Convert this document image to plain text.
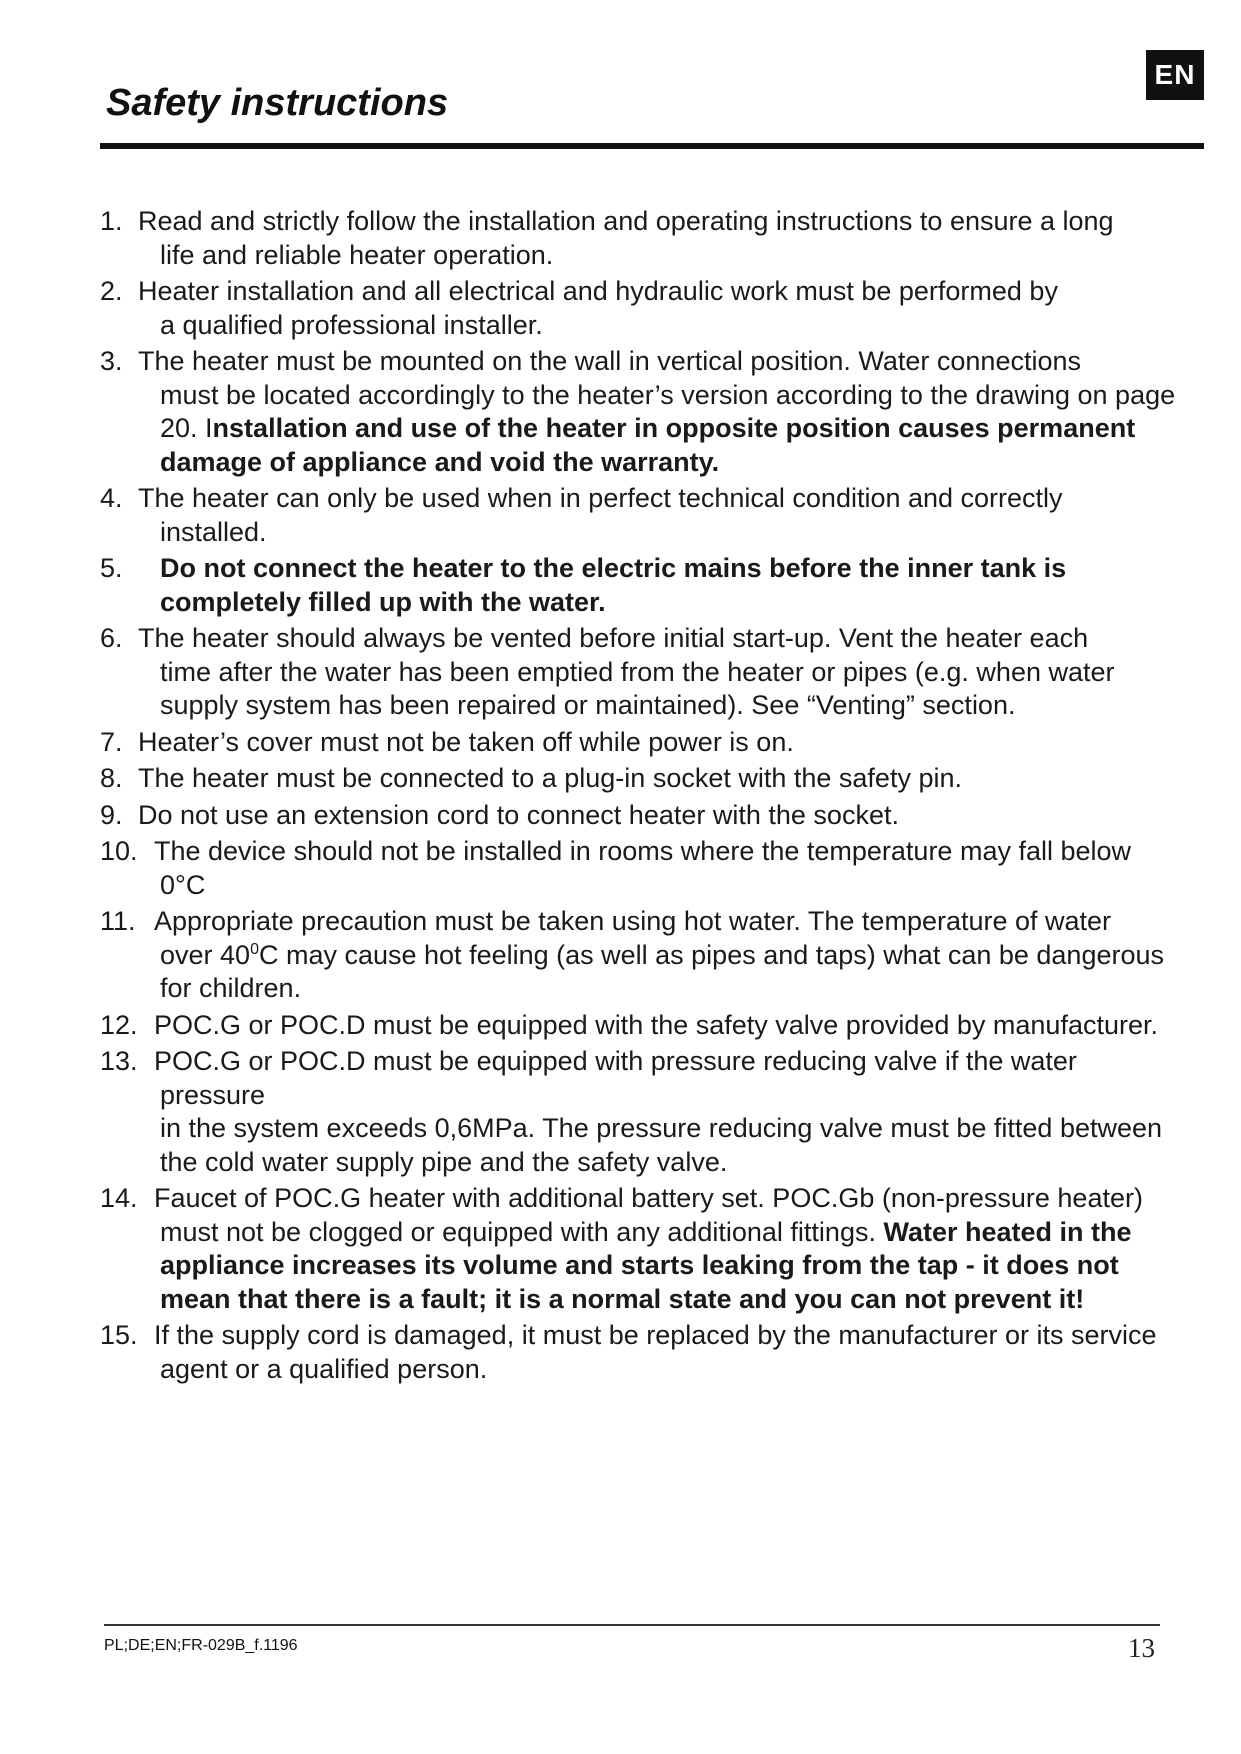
EN
Safety instructions
1. Read and strictly follow the installation and operating instructions to ensure a long
life and reliable heater operation.
2. Heater installation and all electrical and hydraulic work must be performed by
a qualified professional installer.
3. The heater must be mounted on the wall in vertical position. Water connections
must be located accordingly to the heater’s version according to the drawing on page 20. Installation and use of the heater in opposite position causes permanent damage of appliance and void the warranty.
4. The heater can only be used when in perfect technical condition and correctly
installed.
5. Do not connect the heater to the electric mains before the inner tank is completely filled up with the water.
6. The heater should always be vented before initial start-up. Vent the heater each
time after the water has been emptied from the heater or pipes (e.g. when water supply system has been repaired or maintained). See “Venting” section.
7. Heater’s cover must not be taken off while power is on.
8. The heater must be connected to a plug-in socket with the safety pin.
9. Do not use an extension cord to connect heater with the socket.
10. The device should not be installed in rooms where the temperature may fall below
0°C
11. Appropriate precaution must be taken using hot water. The temperature of water
over $40^0C$ may cause hot feeling (as well as pipes and taps) what can be dangerous for children.
12. POC.G or POC.D must be equipped with the safety valve provided by manufacturer.
13. POC.G or POC.D must be equipped with pressure reducing valve if the water pressure
in the system exceeds 0,6MPa. The pressure reducing valve must be fitted between the cold water supply pipe and the safety valve.
14. Faucet of POC.G heater with additional battery set. POC.Gb (non-pressure heater)
must not be clogged or equipped with any additional fittings. Water heated in the appliance increases its volume and starts leaking from the tap - it does not mean that there is a fault; it is a normal state and you can not prevent it!
15. If the supply cord is damaged, it must be replaced by the manufacturer or its service
agent or a qualified person.
PL;DE;EN;FR-029B_f.1196	13
